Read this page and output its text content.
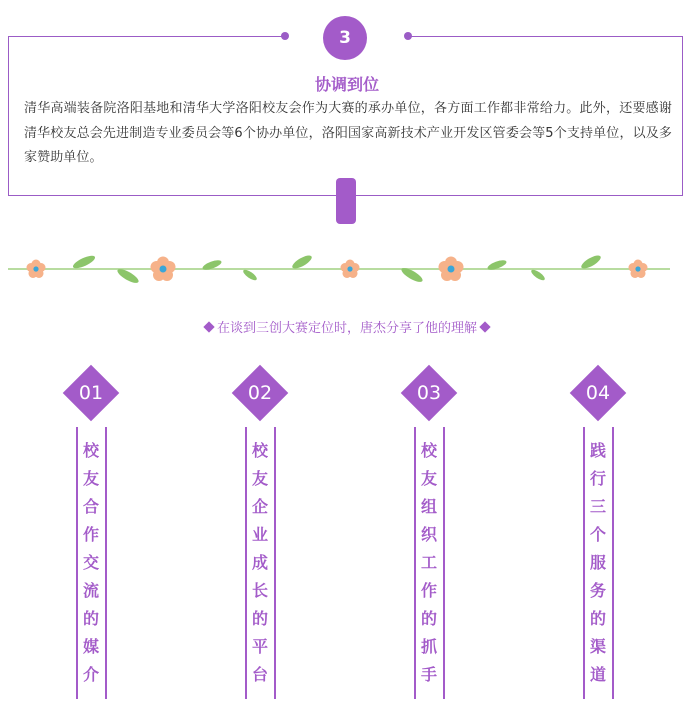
3
协调到位
清华高端装备院洛阳基地和清华大学洛阳校友会作为大赛的承办单位，各方面工作都非常给力。此外，还要感谢清华校友总会先进制造专业委员会等6个协办单位，洛阳国家高新技术产业开发区管委会等5个支持单位，以及多家赞助单位。
在谈到三创大赛定位时，唐杰分享了他的理解
01
校友合作交流的媒介
02
校友企业成长的平台
03
校友组织工作的抓手
04
践行三个服务的渠道
